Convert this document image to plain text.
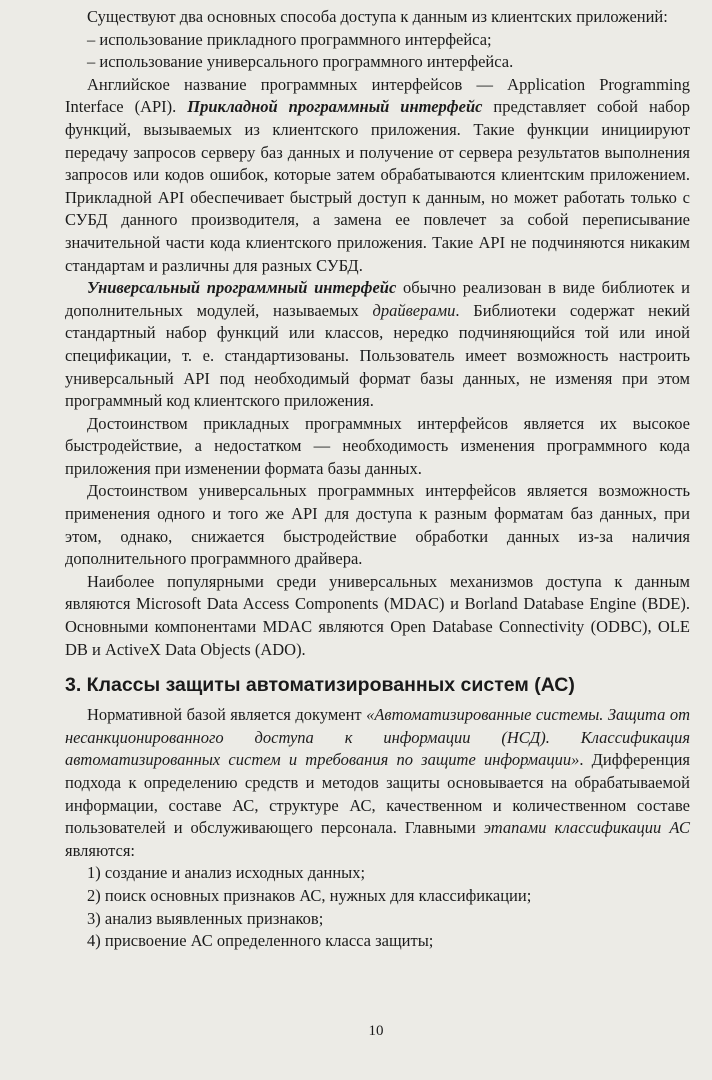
Существуют два основных способа доступа к данным из клиентских приложений:

– использование прикладного программного интерфейса;

– использование универсального программного интерфейса.

Английское название программных интерфейсов — Application Programming Interface (API). Прикладной программный интерфейс представляет собой набор функций, вызываемых из клиентского приложения. Такие функции инициируют передачу запросов серверу баз данных и получение от сервера результатов выполнения запросов или кодов ошибок, которые затем обрабатываются клиентским приложением. Прикладной API обеспечивает быстрый доступ к данным, но может работать только с СУБД данного производителя, а замена ее повлечет за собой переписывание значительной части кода клиентского приложения. Такие API не подчиняются никаким стандартам и различны для разных СУБД.

Универсальный программный интерфейс обычно реализован в виде библиотек и дополнительных модулей, называемых драйверами. Библиотеки содержат некий стандартный набор функций или классов, нередко подчиняющийся той или иной спецификации, т. е. стандартизованы. Пользователь имеет возможность настроить универсальный API под необходимый формат базы данных, не изменяя при этом программный код клиентского приложения.

Достоинством прикладных программных интерфейсов является их высокое быстродействие, а недостатком — необходимость изменения программного кода приложения при изменении формата базы данных.

Достоинством универсальных программных интерфейсов является возможность применения одного и того же API для доступа к разным форматам баз данных, при этом, однако, снижается быстродействие обработки данных из-за наличия дополнительного программного драйвера.

Наиболее популярными среди универсальных механизмов доступа к данным являются Microsoft Data Access Components (MDAC) и Borland Database Engine (BDE). Основными компонентами MDAC являются Open Database Connectivity (ODBC), OLE DB и ActiveX Data Objects (ADO).

3. Классы защиты автоматизированных систем (АС)

Нормативной базой является документ «Автоматизированные системы. Защита от несанкционированного доступа к информации (НСД). Классификация автоматизированных систем и требования по защите информации». Дифференция подхода к определению средств и методов защиты основывается на обрабатываемой информации, составе АС, структуре АС, качественном и количественном составе пользователей и обслуживающего персонала. Главными этапами классификации АС являются:

1) создание и анализ исходных данных;

2) поиск основных признаков АС, нужных для классификации;

3) анализ выявленных признаков;

4) присвоение АС определенного класса защиты;

10
